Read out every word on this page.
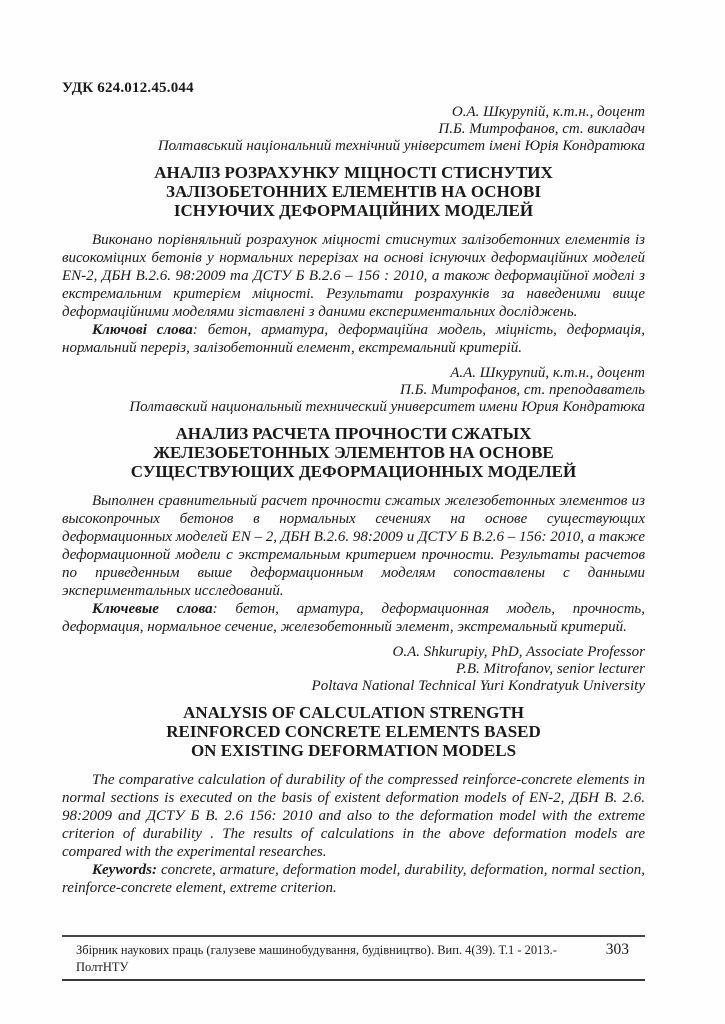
УДК 624.012.45.044
О.А. Шкурупій, к.т.н., доцент
П.Б. Митрофанов, ст. викладач
Полтавський національний технічний університет імені Юрія Кондратюка
АНАЛІЗ РОЗРАХУНКУ МІЦНОСТІ СТИСНУТИХ
ЗАЛІЗОБЕТОННИХ ЕЛЕМЕНТІВ НА ОСНОВІ
ІСНУЮЧИХ ДЕФОРМАЦІЙНИХ МОДЕЛЕЙ

Виконано порівняльний розрахунок міцності стиснутих залізобетонних елементів із високоміцних бетонів у нормальних перерізах на основі існуючих деформаційних моделей EN-2, ДБН В.2.6. 98:2009 та ДСТУ Б В.2.6 – 156 : 2010, а також деформаційної моделі з екстремальним критерієм міцності. Результати розрахунків за наведеними вище деформаційними моделями зіставлені з даними експериментальних досліджень.

Ключові слова: бетон, арматура, деформаційна модель, міцність, деформація, нормальний переріз, залізобетонний елемент, екстремальний критерій.

А.А. Шкурупий, к.т.н., доцент
П.Б. Митрофанов, ст. преподаватель
Полтавский национальный технический университет имени Юрия Кондратюка
АНАЛИЗ РАСЧЕТА ПРОЧНОСТИ СЖАТЫХ
ЖЕЛЕЗОБЕТОННЫХ ЭЛЕМЕНТОВ НА ОСНОВЕ
СУЩЕСТВУЮЩИХ ДЕФОРМАЦИОННЫХ МОДЕЛЕЙ

Выполнен сравнительный расчет прочности сжатых железобетонных элементов из высокопрочных бетонов в нормальных сечениях на основе существующих деформационных моделей EN – 2, ДБН В.2.6. 98:2009 и ДСТУ Б В.2.6 – 156: 2010, а также деформационной модели с экстремальным критерием прочности. Результаты расчетов по приведенным выше деформационным моделям сопоставлены с данными экспериментальных исследований.

Ключевые слова: бетон, арматура, деформационная модель, прочность, деформация, нормальное сечение, железобетонный элемент, экстремальный критерий.

O.A. Shkurupiy, PhD, Associate Professor
P.B. Mitrofanov, senior lecturer
Poltava National Technical Yuri Kondratyuk University
ANALYSIS OF CALCULATION STRENGTH
REINFORCED CONCRETE ELEMENTS BASED
ON EXISTING DEFORMATION MODELS

The comparative calculation of durability of the compressed reinforce-concrete elements in normal sections is executed on the basis of existent deformation models of EN-2, ДБН В. 2.6. 98:2009 and ДСТУ Б В. 2.6 156: 2010 and also to the deformation model with the extreme criterion of durability . The results of calculations in the above deformation models are compared with the experimental researches.

Keywords: concrete, armature, deformation model, durability, deformation, normal section, reinforce-concrete element, extreme criterion.

Збірник наукових праць (галузеве машинобудування, будівництво). Вип. 4(39). Т.1 - 2013.- ПолтНТУ
303
